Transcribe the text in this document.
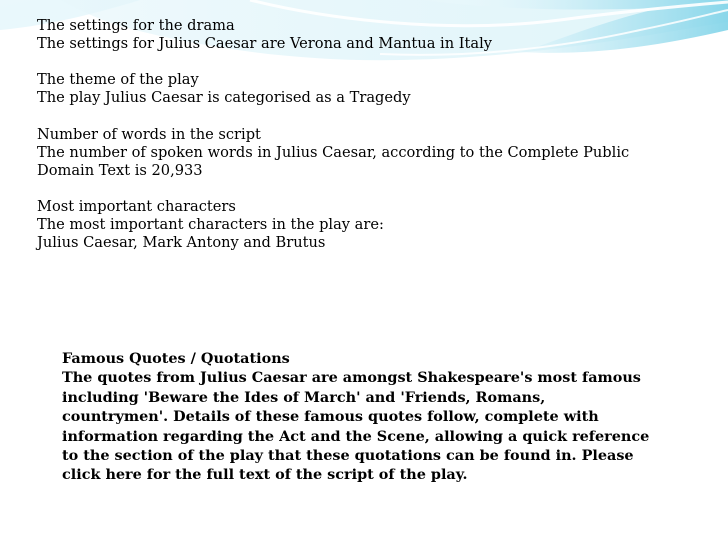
The settings for the drama
The settings for Julius Caesar are Verona and Mantua in Italy
The theme of the play
The play Julius Caesar is categorised as a Tragedy
Number of words in the script
The number of spoken words in Julius Caesar, according to the Complete Public
Domain Text is 20,933
Most important characters
The most important characters in the play are:
Julius Caesar, Mark Antony and Brutus
Famous Quotes / Quotations
The quotes from Julius Caesar are amongst Shakespeare's most famous
including 'Beware the Ides of March' and 'Friends, Romans,
countrymen'. Details of these famous quotes follow, complete with
information regarding the Act and the Scene, allowing a quick reference
to the section of the play that these quotations can be found in. Please
click here for the full text of the script of the play.
